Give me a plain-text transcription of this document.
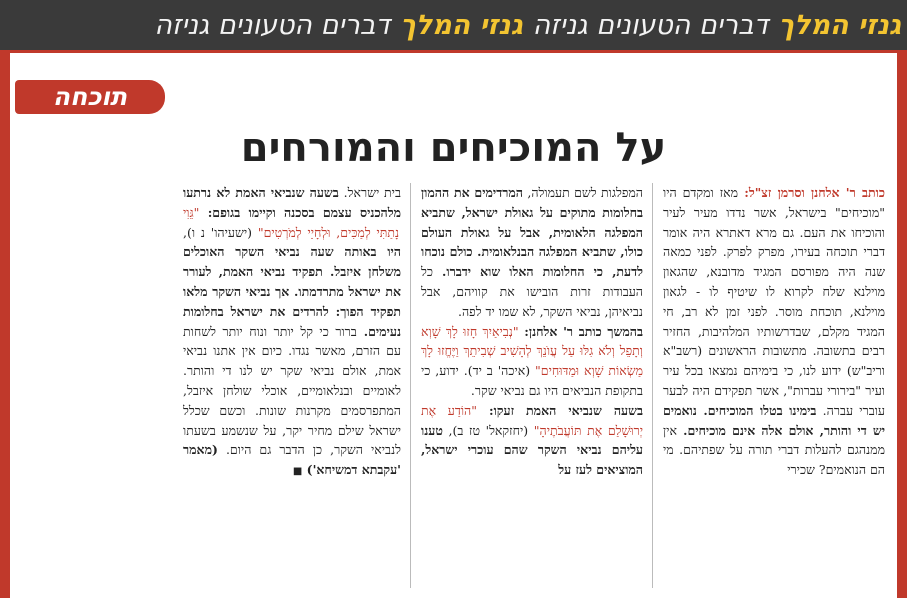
גנזי המלך
דברים הטעונים גניזה
גנזי המלך
דברים הטעונים גניזה
תוכחה
על המוכיחים והמורחים

כותב ר' אלחנן וסרמן זצ"ל: מאז ומקדם היו "מוכיחים" בישראל, אשר נדדו מעיר לעיר והוכיחו את העם. גם מרא דאתרא היה אומר דברי תוכחה בעירו, מפרק לפרק. לפני כמאה שנה היה מפורסם המגיד מדובנא, שהגאון מוילנא שלח לקרוא לו שיטיף לו - לגאון מוילנא, תוכחת מוסר. לפני זמן לא רב, חי המגיד מקלם, שבדרשותיו המלהיבות, החזיר רבים בתשובה. מתשובות הראשונים (רשב"א וריב"ש) ידוע לנו, כי בימיהם נמצאו בכל עיר ועיר "בירורי עברות", אשר תפקידם היה לבער עוברי עברה. בימינו בטלו המוכיחים. נואמים יש די והותר, אולם אלה אינם מוכיחים. אין ממנהגם להעלות דברי תורה על שפתיהם. מי הם הנואמים? שכירי

המפלגות לשם תעמולה, המרדימים את ההמון בחלומות מתוקים על גאולת ישראל, שתביא המפלגה הלאומית, אבל על גאולת העולם כולו, שתביא המפלגה הבנלאומית. כולם נוכחו לדעת, כי החלומות האלו שוא ידברו. כל העבודות זרות הובישו את קוויהם, אבל נביאיהן, נביאי השקר, לא שמו יד לפה.

בהמשך כותב ר' אלחנן: "נְבִיאַיִךְ חָזוּ לָךְ שָׁוְא וְתָפֵל וְלֹא גִלּוּ עַל עֲוֺנֵךְ לְהָשִׁיב שְׁבִיתֵךְ וַיֶּחֱזוּ לָךְ מַשְׂאוֹת שָׁוְא וּמַדּוּחִים" (איכה' ב יד). ידוע, כי בתקופת הנביאים היו גם נביאי שקר.

בשעה שנביאי האמת זעקו: "הוֹדַע אֶת יְרוּשָׁלַם אֶת תּוֹעֲבֹתֶיהָ" (יחזקאל' טז ב), טענו עליהם נביאי השקר שהם עוכרי ישראל, המוציאים לעז על

בית ישראל. בשעה שנביאי האמת לא נרתעו מלהכניס עצמם בסכנה וקיימו בגופם: "גֵּוִי נָתַתִּי לְמַכִּים, וּלְחָיַי לְמֹרְטִים" (ישעיהו' נ ו), היו באותה שעה נביאי השקר האוכלים משלחן איזבל. תפקיד נביאי האמת, לעורר את ישראל מתרדמתו. אך נביאי השקר מלאו תפקיד הפוך: להרדים את ישראל בחלומות נעימים. ברור כי קל יותר ונוח יותר לשחות עם הזרם, מאשר נגדו. כיום אין אתנו נביאי אמת, אולם נביאי שקר יש לנו די והותר. לאומיים ובנלאומיים, אוכלי שולחן איזבל, המתפרסמים מקרנות שונות. וכשם שכלל ישראל שילם מחיר יקר, על שנשמע בשעתו לנביאי השקר, כן הדבר גם היום. (מאמר 'עקבתא דמשיחא') ■
